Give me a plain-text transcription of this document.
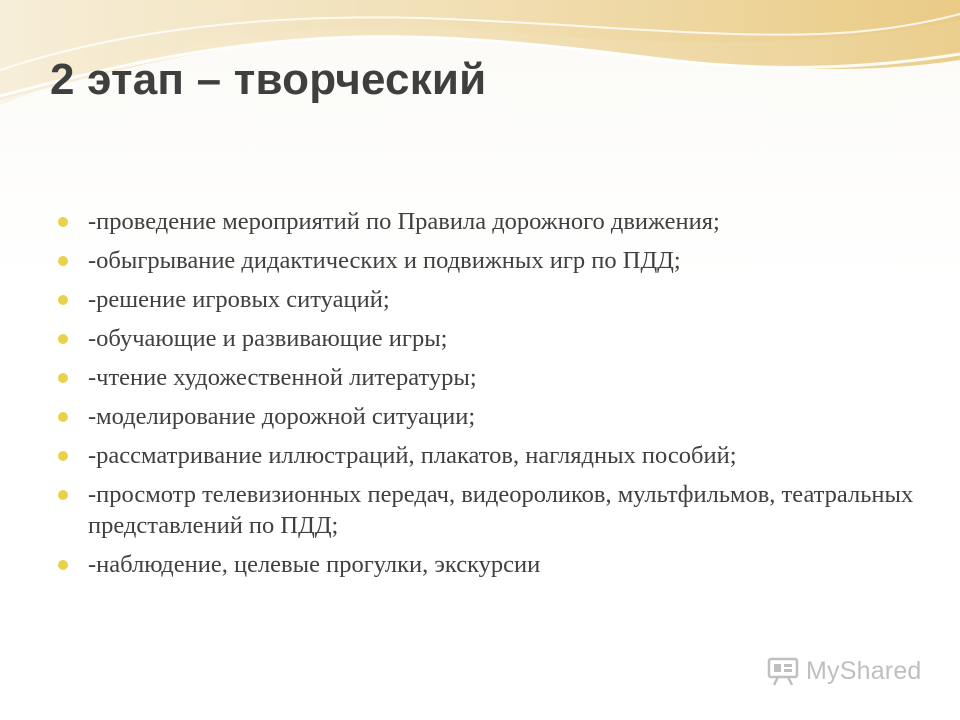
2 этап – творческий
-проведение мероприятий по Правила дорожного движения;
-обыгрывание дидактических и подвижных игр по ПДД;
-решение игровых ситуаций;
-обучающие и развивающие игры;
-чтение художественной литературы;
-моделирование дорожной ситуации;
-рассматривание иллюстраций, плакатов, наглядных пособий;
-просмотр телевизионных передач, видеороликов, мультфильмов, театральных представлений по ПДД;
-наблюдение, целевые прогулки, экскурсии
MyShared
